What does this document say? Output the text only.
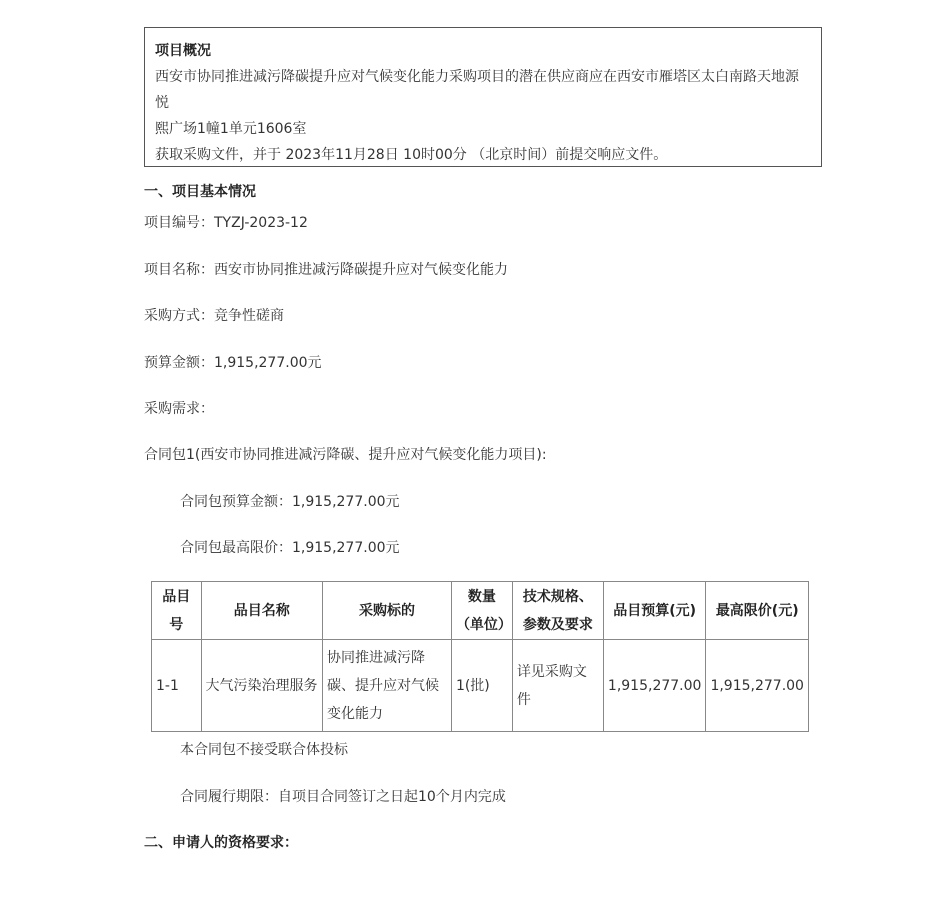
项目概况
西安市协同推进减污降碳提升应对气候变化能力采购项目的潜在供应商应在西安市雁塔区太白南路天地源悦
熙广场1幢1单元1606室
获取采购文件，并于 2023年11月28日 10时00分 （北京时间）前提交响应文件。
一、项目基本情况
项目编号：TYZJ-2023-12
项目名称：西安市协同推进减污降碳提升应对气候变化能力
采购方式：竞争性磋商
预算金额：1,915,277.00元
采购需求：
合同包1(西安市协同推进减污降碳、提升应对气候变化能力项目):
合同包预算金额：1,915,277.00元
合同包最高限价：1,915,277.00元
品目号	品目名称	采购标的	数量（单位）	技术规格、参数及要求	品目预算(元)	最高限价(元)
1-1	大气污染治理服务	协同推进减污降碳、提升应对气候变化能力	1(批)	详见采购文件	1,915,277.00	1,915,277.00
本合同包不接受联合体投标
合同履行期限：自项目合同签订之日起10个月内完成
二、申请人的资格要求：
